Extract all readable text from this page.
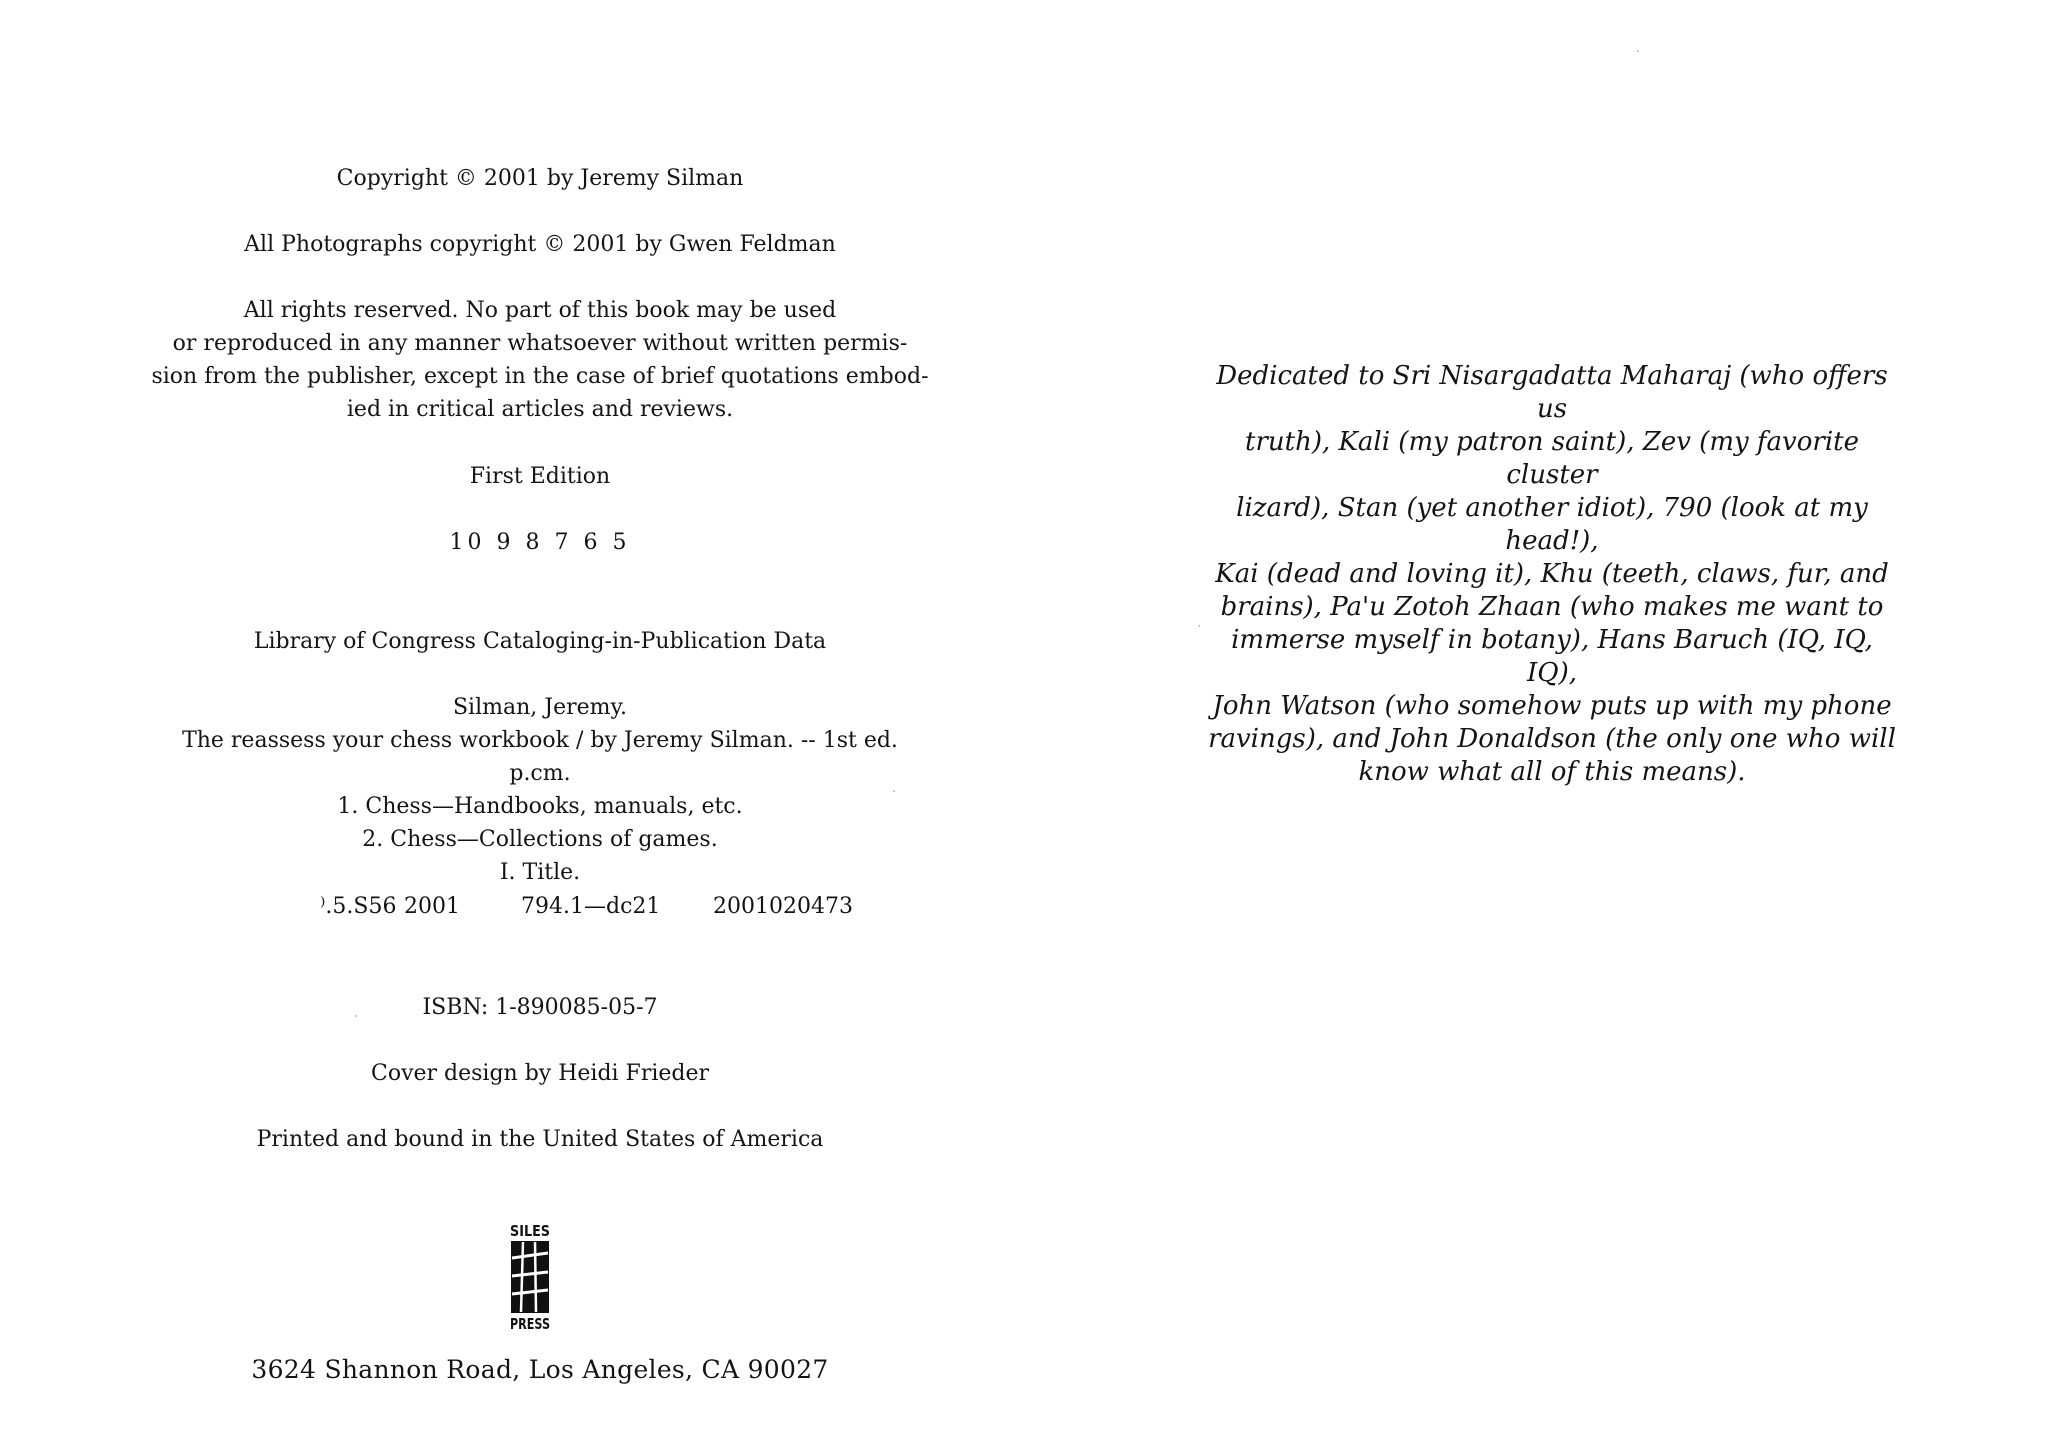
Copyright © 2001 by Jeremy Silman
All Photographs copyright © 2001 by Gwen Feldman
All rights reserved. No part of this book may be used
or reproduced in any manner whatsoever without written permis-
sion from the publisher, except in the case of brief quotations embod-
ied in critical articles and reviews.
First Edition
10 9 8 7 6 5
Library of Congress Cataloging-in-Publication Data
Silman, Jeremy.
The reassess your chess workbook / by Jeremy Silman. -- 1st ed.
p.cm.
1. Chess—Handbooks, manuals, etc.
2. Chess—Collections of games.
I. Title.
⁾.5.S56 2001	794.1—dc21 2001020473
ISBN: 1-890085-05-7
Cover design by Heidi Frieder
Printed and bound in the United States of America
SILES
PRESS
3624 Shannon Road, Los Angeles, CA 90027
Dedicated to Sri Nisargadatta Maharaj (who offers us
truth), Kali (my patron saint), Zev (my favorite cluster
lizard), Stan (yet another idiot), 790 (look at my head!),
Kai (dead and loving it), Khu (teeth, claws, fur, and
brains), Pa'u Zotoh Zhaan (who makes me want to
immerse myself in botany), Hans Baruch (IQ, IQ, IQ),
John Watson (who somehow puts up with my phone
ravings), and John Donaldson (the only one who will
know what all of this means).
